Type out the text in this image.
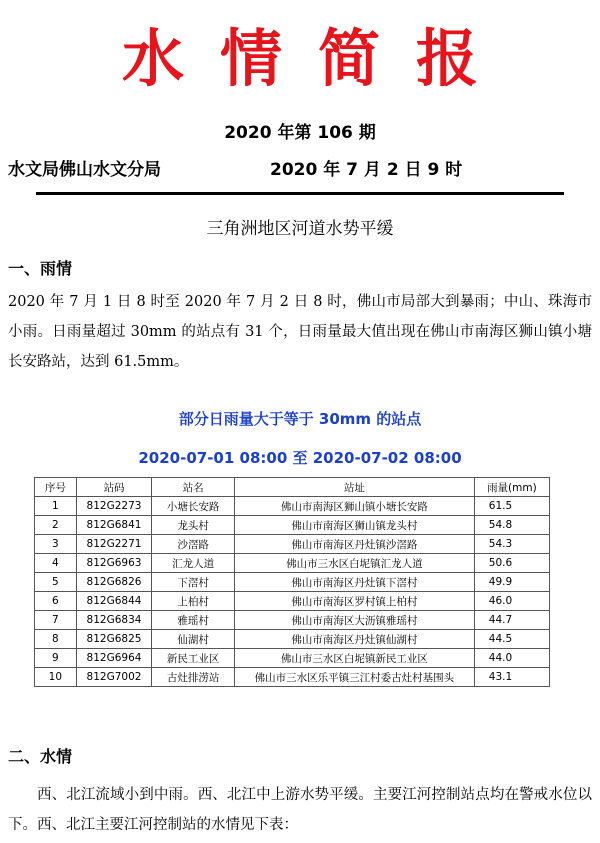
水情简报
2020 年第 106 期
水文局佛山水文分局	2020 年 7 月 2 日 9 时
三角洲地区河道水势平缓
一、雨情
2020 年 7 月 1 日 8 时至 2020 年 7 月 2 日 8 时，佛山市局部大到暴雨；中山、珠海市小雨。日雨量超过 30mm 的站点有 31 个，日雨量最大值出现在佛山市南海区狮山镇小塘长安路站，达到 61.5mm。
部分日雨量大于等于 30mm 的站点
2020-07-01 08:00 至 2020-07-02 08:00
序号	站码	站名	站址	雨量(mm)
1	812G2273	小塘长安路	佛山市南海区狮山镇小塘长安路	61.5
2	812G6841	龙头村	佛山市南海区狮山镇龙头村	54.8
3	812G2271	沙滘路	佛山市南海区丹灶镇沙滘路	54.3
4	812G6963	汇龙人道	佛山市三水区白坭镇汇龙人道	50.6
5	812G6826	下滘村	佛山市南海区丹灶镇下滘村	49.9
6	812G6844	上柏村	佛山市南海区罗村镇上柏村	46.0
7	812G6834	雅瑶村	佛山市南海区大沥镇雅瑶村	44.7
8	812G6825	仙湖村	佛山市南海区丹灶镇仙湖村	44.5
9	812G6964	新民工业区	佛山市三水区白坭镇新民工业区	44.0
10	812G7002	古灶排涝站	佛山市三水区乐平镇三江村委古灶村基围头	43.1
二、水情
西、北江流域小到中雨。西、北江中上游水势平缓。主要江河控制站点均在警戒水位以下。西、北江主要江河控制站的水情见下表：
